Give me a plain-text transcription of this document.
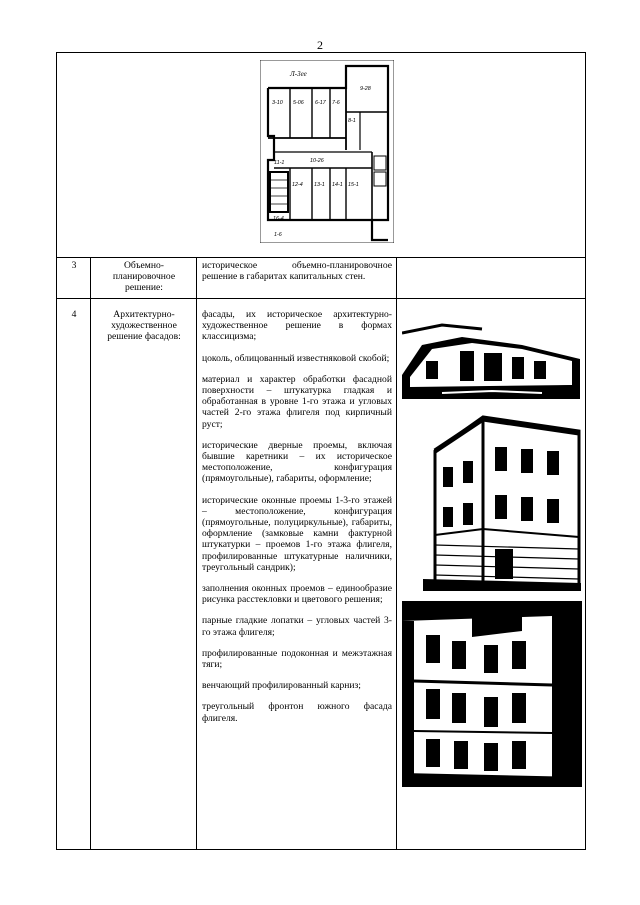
2
Л-3ее
3-10 5-06 6-17 7-6
8-1
9-28
10-26
11-1
12-4 13-1 14-1 15-1
16-4
1-6
3	Объемно-планировочное решение:

историческое объемно-планировочное решение в габаритах капитальных стен.

4	Архитектурно-художественное решение фасадов:

фасады, их историческое архитектурно-художественное решение в формах классицизма;

цоколь, облицованный известняковой скобой;

материал и характер обработки фасадной поверхности – штукатурка гладкая и обработанная в уровне 1-го этажа и угловых частей 2-го этажа флигеля под кирпичный руст;

исторические дверные проемы, включая бывшие каретники – их историческое местоположение, конфигурация (прямоугольные), габариты, оформление;

исторические оконные проемы 1-3-го этажей – местоположение, конфигурация (прямоугольные, полуциркульные), габариты, оформление (замковые камни фактурной штукатурки – проемов 1-го этажа флигеля, профилированные штукатурные наличники, треугольный сандрик);

заполнения оконных проемов – единообразие рисунка расстекловки и цветового решения;

парные гладкие лопатки – угловых частей 3-го этажа флигеля;

профилированные подоконная и межэтажная тяги;

венчающий профилированный карниз;

треугольный фронтон южного фасада флигеля.
